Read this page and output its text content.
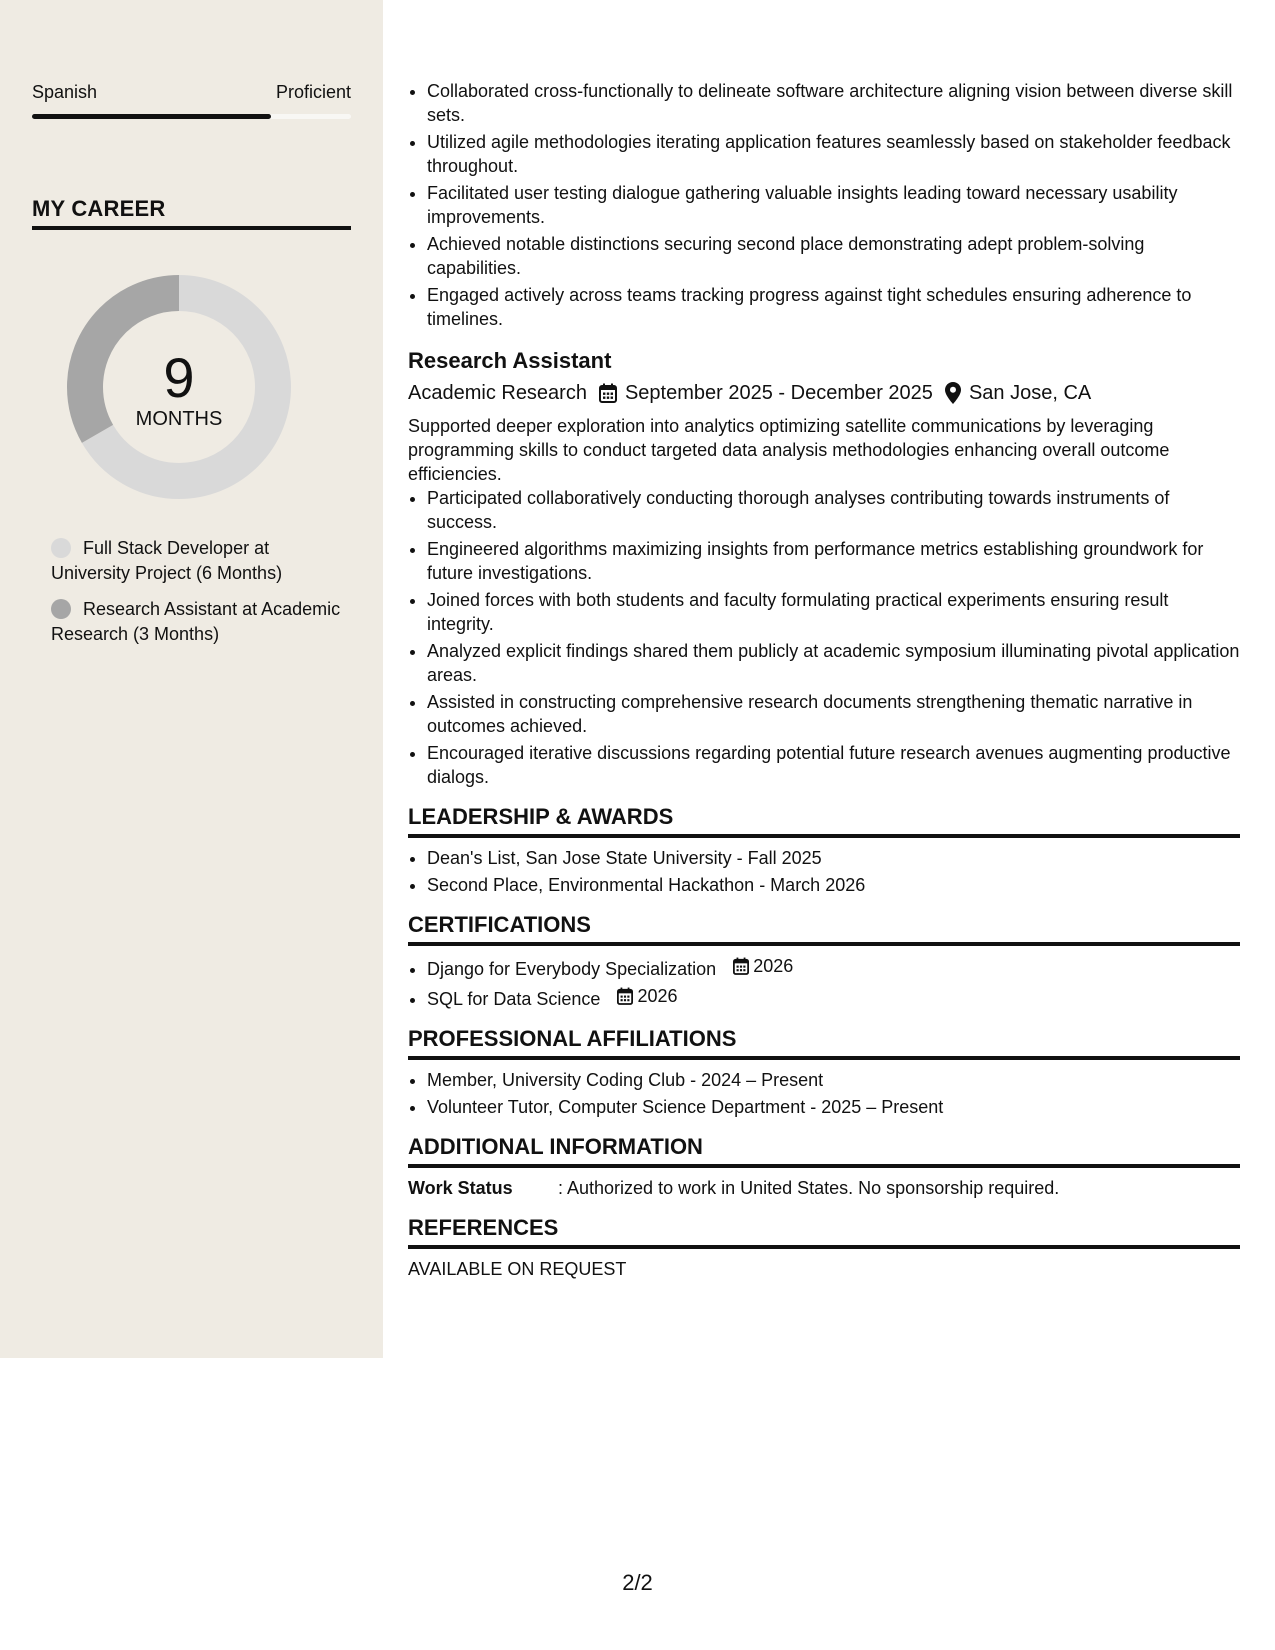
Spanish	Proficient
MY CAREER
9
MONTHS
Full Stack Developer at University Project (6 Months)
Research Assistant at Academic Research (3 Months)
• Collaborated cross-functionally to delineate software architecture aligning vision between diverse skill sets.
• Utilized agile methodologies iterating application features seamlessly based on stakeholder feedback throughout.
• Facilitated user testing dialogue gathering valuable insights leading toward necessary usability improvements.
• Achieved notable distinctions securing second place demonstrating adept problem-solving capabilities.
• Engaged actively across teams tracking progress against tight schedules ensuring adherence to timelines.
Research Assistant
Academic Research September 2025 - December 2025 San Jose, CA
Supported deeper exploration into analytics optimizing satellite communications by leveraging programming skills to conduct targeted data analysis methodologies enhancing overall outcome efficiencies.
• Participated collaboratively conducting thorough analyses contributing towards instruments of success.
• Engineered algorithms maximizing insights from performance metrics establishing groundwork for future investigations.
• Joined forces with both students and faculty formulating practical experiments ensuring result integrity.
• Analyzed explicit findings shared them publicly at academic symposium illuminating pivotal application areas.
• Assisted in constructing comprehensive research documents strengthening thematic narrative in outcomes achieved.
• Encouraged iterative discussions regarding potential future research avenues augmenting productive dialogs.
LEADERSHIP & AWARDS
• Dean's List, San Jose State University - Fall 2025
• Second Place, Environmental Hackathon - March 2026
CERTIFICATIONS
• Django for Everybody Specialization 2026
• SQL for Data Science 2026
PROFESSIONAL AFFILIATIONS
• Member, University Coding Club - 2024 – Present
• Volunteer Tutor, Computer Science Department - 2025 – Present
ADDITIONAL INFORMATION
Work Status	: Authorized to work in United States. No sponsorship required.
REFERENCES
AVAILABLE ON REQUEST
2/2
